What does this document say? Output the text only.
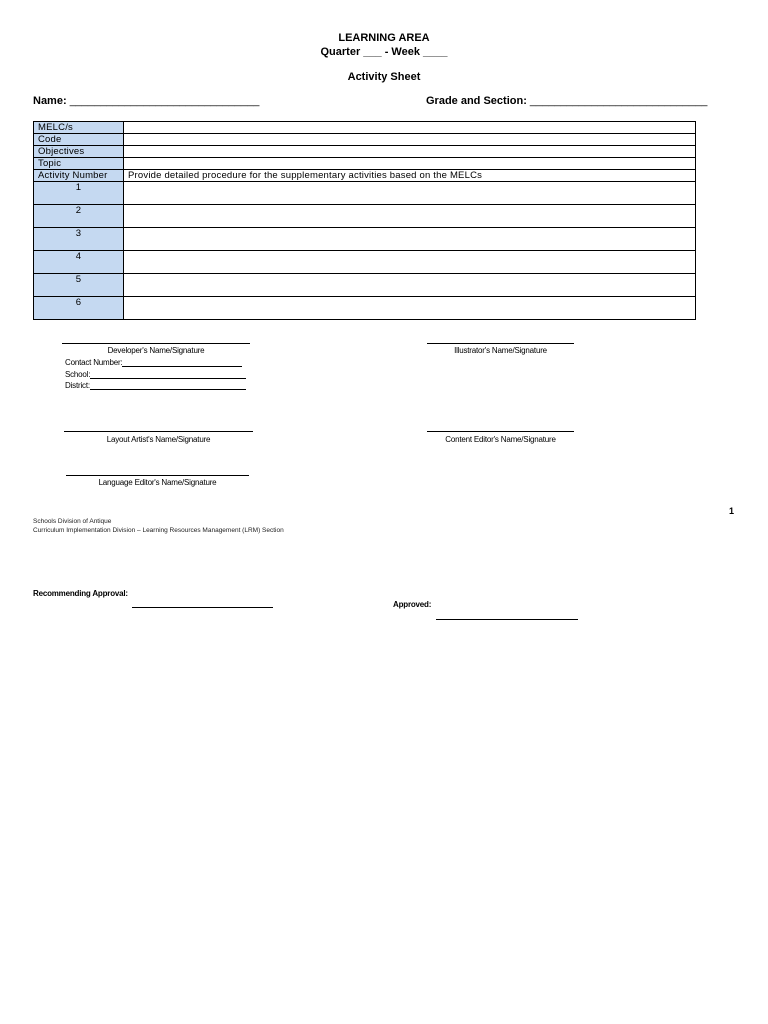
LEARNING AREA
Quarter ___ - Week ____
Activity Sheet
Name: _______________________________	Grade and Section: _____________________________
MELC/s	
Code	
Objectives	
Topic	
Activity Number	Provide detailed procedure for the supplementary activities based on the MELCs
1	
2	
3	
4	
5	
6	
Developer's Name/Signature
Contact Number:
School:
District:
Illustrator's Name/Signature
Layout Artist's Name/Signature	Content Editor's Name/Signature
Language Editor's Name/Signature
1
Schools Division of Antique
Curriculum Implementation Division – Learning Resources Management (LRM) Section
Recommending Approval:
Approved:
